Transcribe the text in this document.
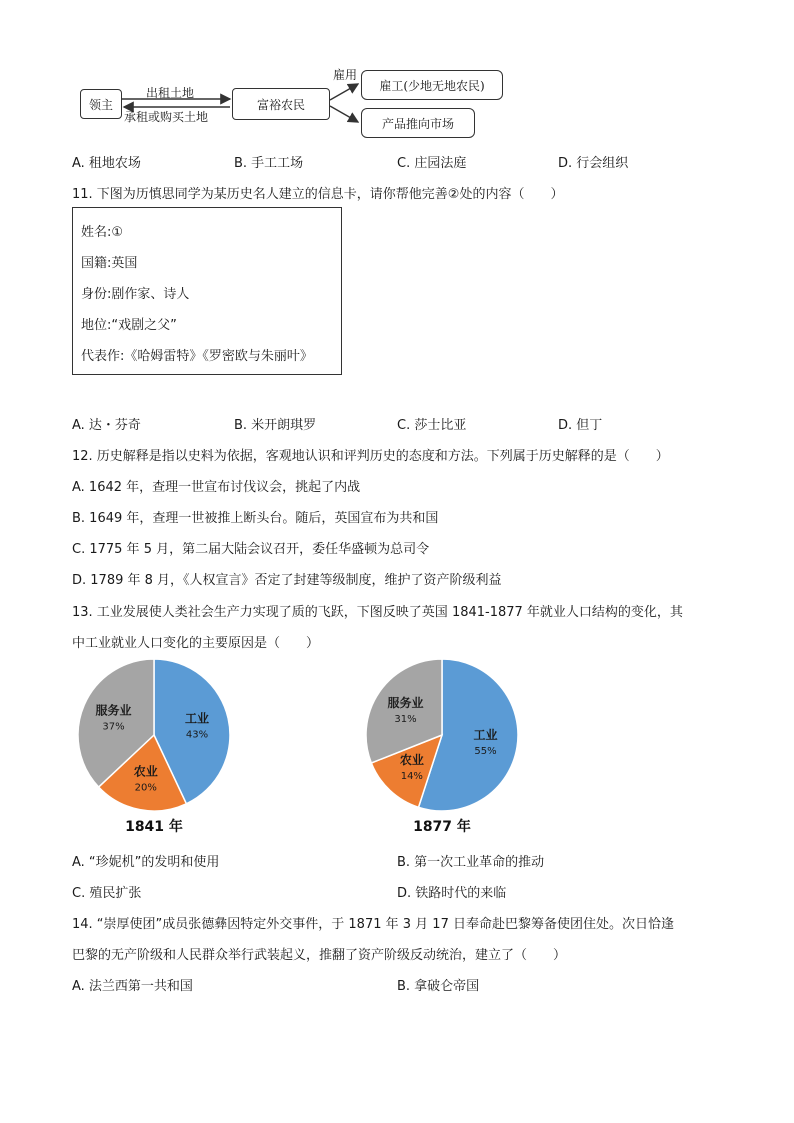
领主	富裕农民
雇工(少地无地农民)
产品推向市场
出租土地
承租或购买土地
雇用
A. 租地农场	B. 手工工场	C. 庄园法庭	D. 行会组织
11. 下图为历慎思同学为某历史名人建立的信息卡，请你帮他完善②处的内容（　　）
姓名:①
国籍:英国
身份:剧作家、诗人
地位:“戏剧之父”
代表作:《哈姆雷特》《罗密欧与朱丽叶》
A. 达・芬奇	B. 米开朗琪罗	C. 莎士比亚	D. 但丁
12. 历史解释是指以史料为依据，客观地认识和评判历史的态度和方法。下列属于历史解释的是（　　）
A. 1642 年，查理一世宣布讨伐议会，挑起了内战
B. 1649 年，查理一世被推上断头台。随后，英国宣布为共和国
C. 1775 年 5 月，第二届大陆会议召开，委任华盛顿为总司令
D. 1789 年 8 月，《人权宣言》否定了封建等级制度，维护了资产阶级利益
13. 工业发展使人类社会生产力实现了质的飞跃，下图反映了英国 1841-1877 年就业人口结构的变化，其
中工业就业人口变化的主要原因是（　　）
工业
43%
农业
20%
服务业
37%
1841 年
工业
55%
农业
14%
服务业
31%
1877 年
A. “珍妮机”的发明和使用	B. 第一次工业革命的推动
C. 殖民扩张	D. 铁路时代的来临
14. “崇厚使团”成员张德彝因特定外交事件，于 1871 年 3 月 17 日奉命赴巴黎筹备使团住处。次日恰逢
巴黎的无产阶级和人民群众举行武装起义，推翻了资产阶级反动统治，建立了（　　）
A. 法兰西第一共和国	B. 拿破仑帝国
